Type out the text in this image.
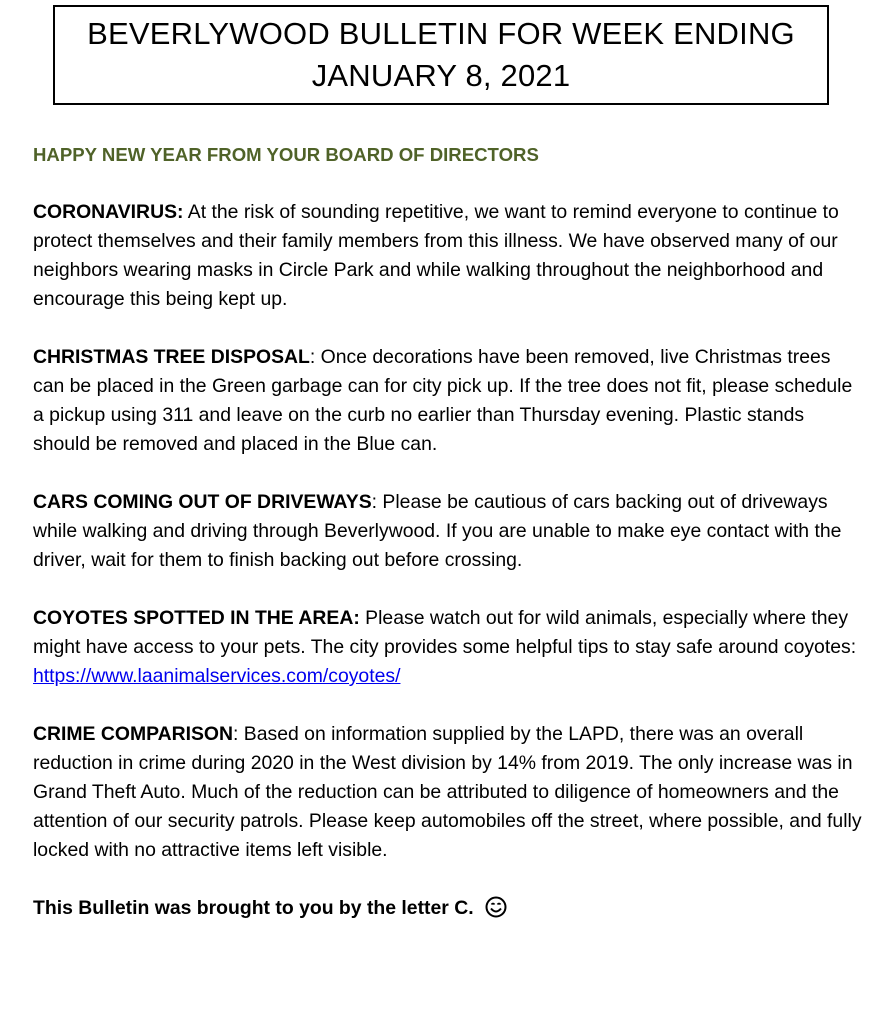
BEVERLYWOOD BULLETIN FOR WEEK ENDING
JANUARY 8, 2021

HAPPY NEW YEAR FROM YOUR BOARD OF DIRECTORS

CORONAVIRUS: At the risk of sounding repetitive, we want to remind everyone to continue to protect themselves and their family members from this illness. We have observed many of our neighbors wearing masks in Circle Park and while walking throughout the neighborhood and encourage this being kept up.

CHRISTMAS TREE DISPOSAL: Once decorations have been removed, live Christmas trees can be placed in the Green garbage can for city pick up. If the tree does not fit, please schedule a pickup using 311 and leave on the curb no earlier than Thursday evening. Plastic stands should be removed and placed in the Blue can.

CARS COMING OUT OF DRIVEWAYS: Please be cautious of cars backing out of driveways while walking and driving through Beverlywood. If you are unable to make eye contact with the driver, wait for them to finish backing out before crossing.

COYOTES SPOTTED IN THE AREA: Please watch out for wild animals, especially where they might have access to your pets. The city provides some helpful tips to stay safe around coyotes: https://www.laanimalservices.com/coyotes/

CRIME COMPARISON: Based on information supplied by the LAPD, there was an overall reduction in crime during 2020 in the West division by 14% from 2019. The only increase was in Grand Theft Auto. Much of the reduction can be attributed to diligence of homeowners and the attention of our security patrols. Please keep automobiles off the street, where possible, and fully locked with no attractive items left visible.

This Bulletin was brought to you by the letter C.
